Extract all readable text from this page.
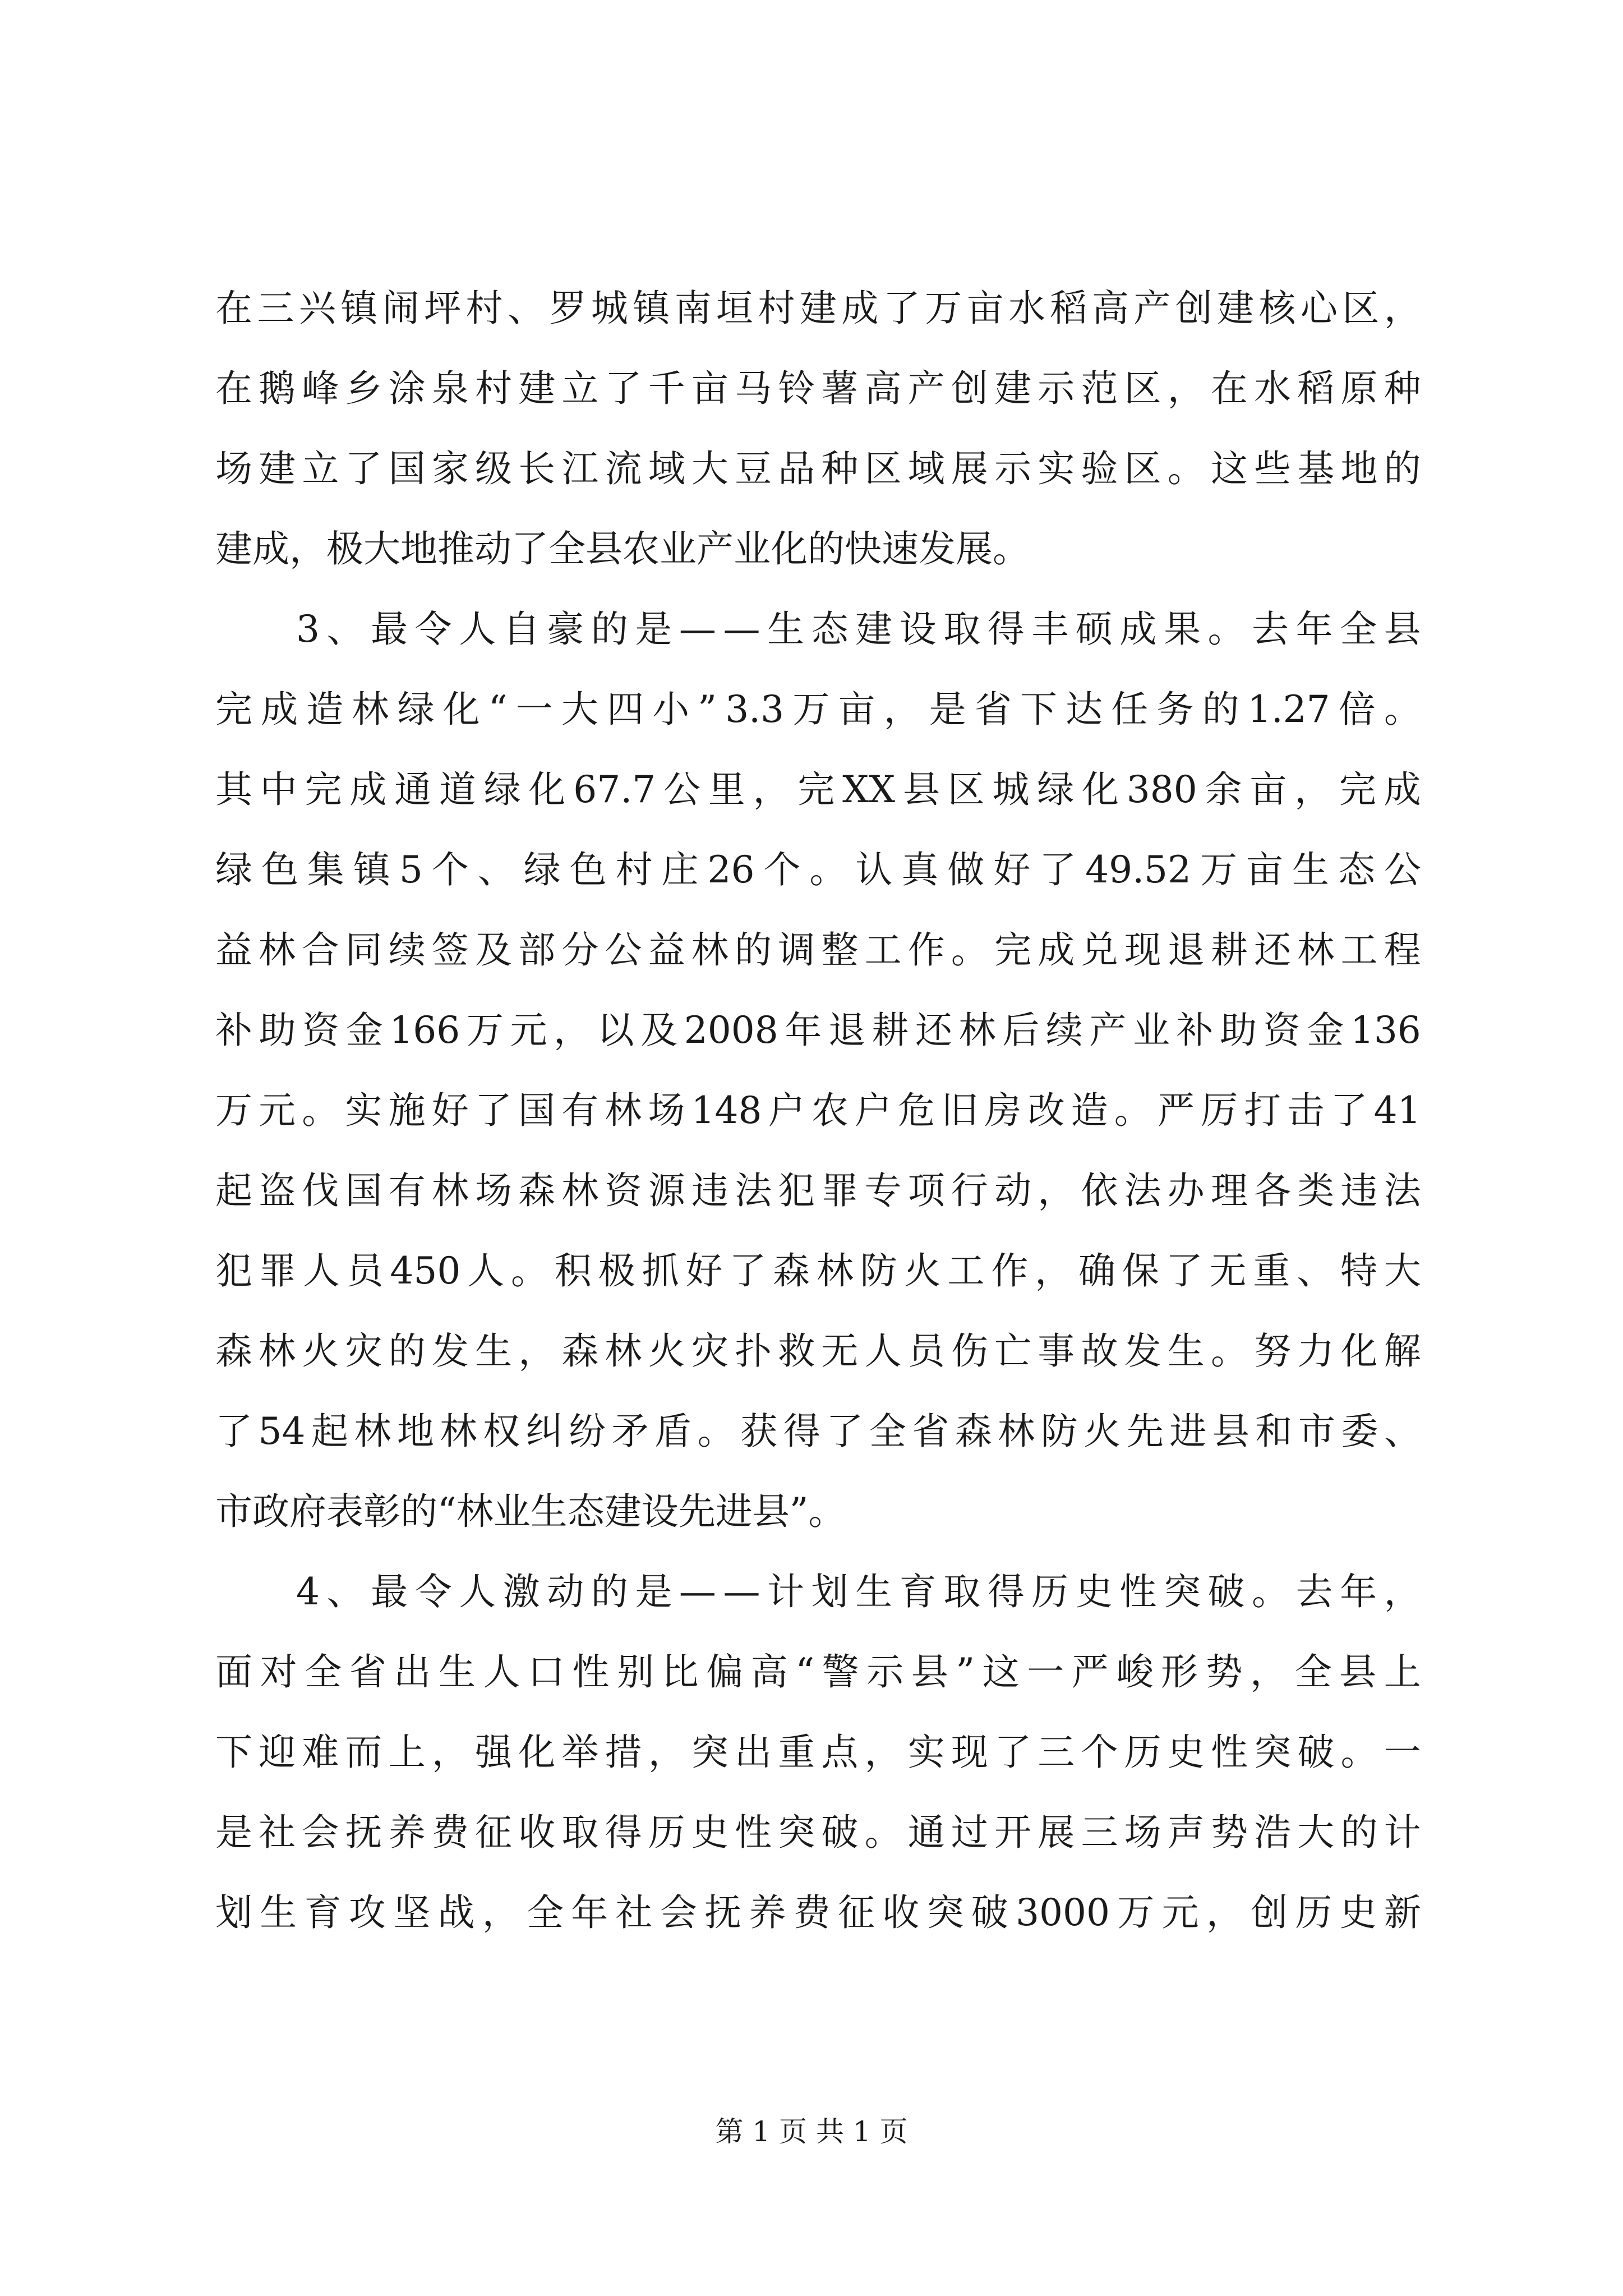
在 三 兴 镇 闹 坪 村 、 罗 城 镇 南 垣 村 建 成 了 万 亩 水 稻 高 产 创 建 核 心 区 ，
在 鹅 峰 乡 涂 泉 村 建 立 了 千 亩 马 铃 薯 高 产 创 建 示 范 区 ， 在 水 稻 原 种
场 建 立 了 国 家 级 长 江 流 域 大 豆 品 种 区 域 展 示 实 验 区 。 这 些 基 地 的
建成，极大地推动了全县农业产业化的快速发展。
3 、 最 令 人 自 豪 的 是 — — 生 态 建 设 取 得 丰 硕 成 果 。 去 年 全 县
完 成 造 林 绿 化 “ 一 大 四 小 ” 3.3 万 亩 ， 是 省 下 达 任 务 的 1.27 倍 。
其 中 完 成 通 道 绿 化 67.7 公 里 ， 完 XX 县 区 城 绿 化 380 余 亩 ， 完 成
绿 色 集 镇 5 个 、 绿 色 村 庄 26 个 。 认 真 做 好 了 49.52 万 亩 生 态 公
益 林 合 同 续 签 及 部 分 公 益 林 的 调 整 工 作 。 完 成 兑 现 退 耕 还 林 工 程
补 助 资 金 166 万 元 ， 以 及 2008 年 退 耕 还 林 后 续 产 业 补 助 资 金 136
万 元 。 实 施 好 了 国 有 林 场 148 户 农 户 危 旧 房 改 造 。 严 厉 打 击 了 41
起 盗 伐 国 有 林 场 森 林 资 源 违 法 犯 罪 专 项 行 动 ， 依 法 办 理 各 类 违 法
犯 罪 人 员 450 人 。 积 极 抓 好 了 森 林 防 火 工 作 ， 确 保 了 无 重 、 特 大
森 林 火 灾 的 发 生 ， 森 林 火 灾 扑 救 无 人 员 伤 亡 事 故 发 生 。 努 力 化 解
了 54 起 林 地 林 权 纠 纷 矛 盾 。 获 得 了 全 省 森 林 防 火 先 进 县 和 市 委 、
市政府表彰的“林业生态建设先进县”。
4 、 最 令 人 激 动 的 是 — — 计 划 生 育 取 得 历 史 性 突 破 。 去 年 ，
面 对 全 省 出 生 人 口 性 别 比 偏 高 “ 警 示 县 ” 这 一 严 峻 形 势 ， 全 县 上
下 迎 难 而 上 ， 强 化 举 措 ， 突 出 重 点 ， 实 现 了 三 个 历 史 性 突 破 。 一
是 社 会 抚 养 费 征 收 取 得 历 史 性 突 破 。 通 过 开 展 三 场 声 势 浩 大 的 计
划 生 育 攻 坚 战 ， 全 年 社 会 抚 养 费 征 收 突 破 3000 万 元 ， 创 历 史 新
第 1 页 共 1 页
